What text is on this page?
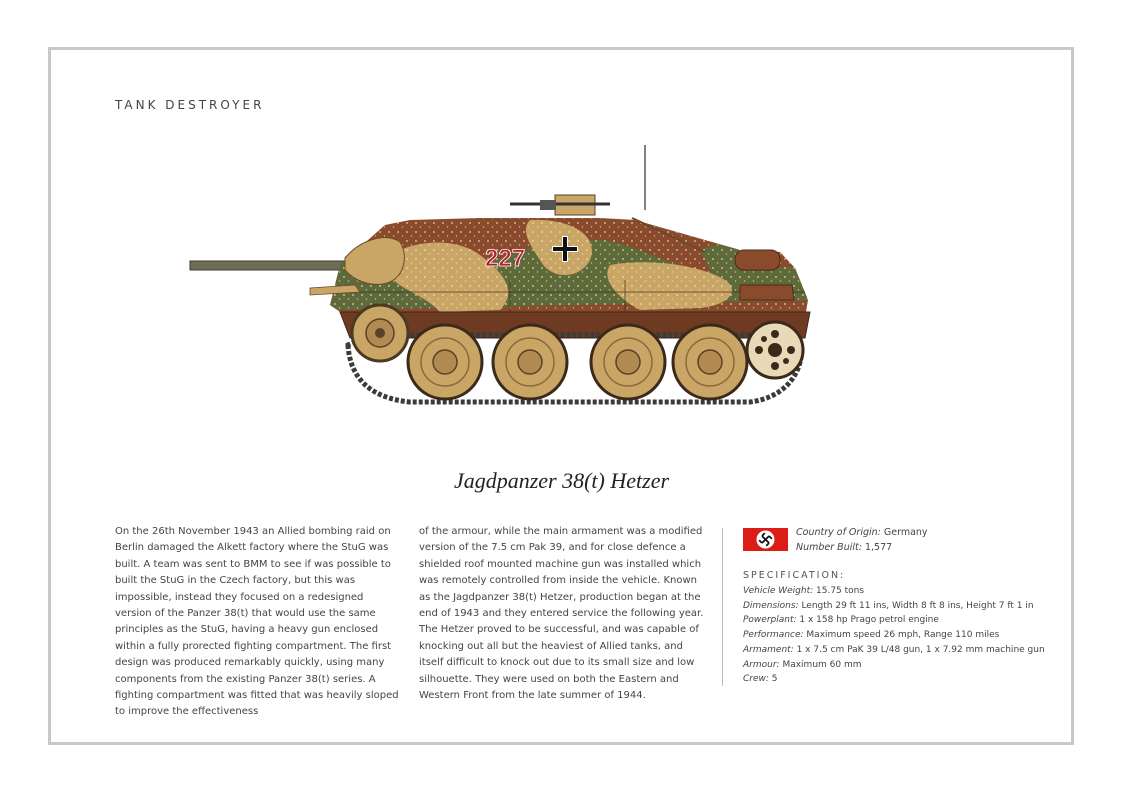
TANK DESTROYER
227
Jagdpanzer 38(t) Hetzer
On the 26th November 1943 an Allied bombing raid on Berlin damaged the Alkett factory where the StuG was built. A team was sent to BMM to see if was possible to built the StuG in the Czech factory, but this was impossible, instead they focused on a redesigned version of the Panzer 38(t) that would use the same principles as the StuG, having a heavy gun enclosed within a fully prorected fighting compartment. The first design was produced remarkably quickly, using many components from the existing Panzer 38(t) series. A fighting compartment was fitted that was heavily sloped to improve the effectiveness
of the armour, while the main armament was a modified version of the 7.5 cm Pak 39, and for close defence a shielded roof mounted machine gun was installed which was remotely controlled from inside the vehicle. Known as the Jagdpanzer 38(t) Hetzer, production began at the end of 1943 and they entered service the following year. The Hetzer proved to be successful, and was capable of knocking out all but the heaviest of Allied tanks, and itself difficult to knock out due to its small size and low silhouette. They were used on both the Eastern and Western Front from the late summer of 1944.
Country of Origin: Germany
Number Built: 1,577
SPECIFICATION:
Vehicle Weight: 15.75 tons
Dimensions: Length 29 ft 11 ins, Width 8 ft 8 ins, Height 7 ft 1 in
Powerplant: 1 x 158 hp Prago petrol engine
Performance: Maximum speed 26 mph, Range 110 miles
Armament: 1 x 7.5 cm PaK 39 L/48 gun, 1 x 7.92 mm machine gun
Armour: Maximum 60 mm
Crew: 5
